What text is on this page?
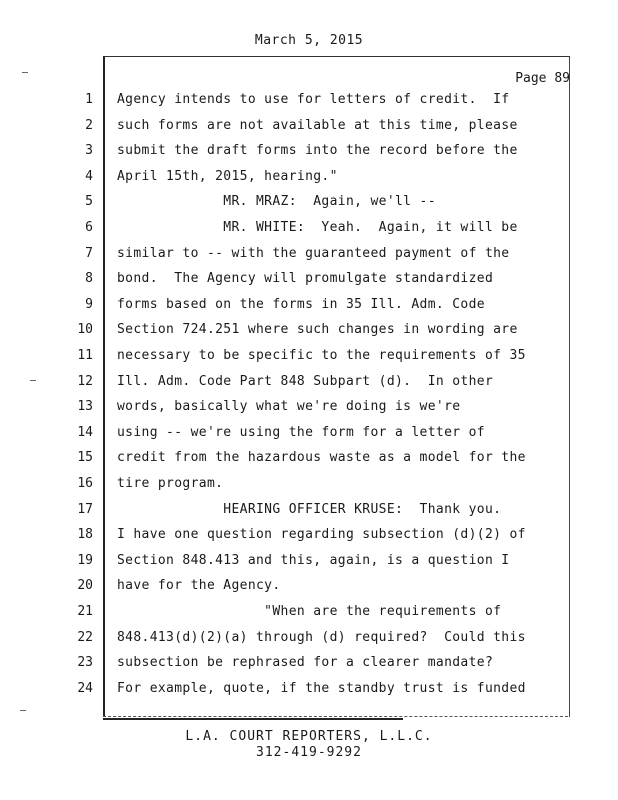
March 5, 2015
Page 89
1 Agency intends to use for letters of credit.  If
2 such forms are not available at this time, please
3 submit the draft forms into the record before the
4 April 15th, 2015, hearing."
5 MR. MRAZ:  Again, we'll --
6 MR. WHITE:  Yeah.  Again, it will be
7 similar to -- with the guaranteed payment of the
8 bond.  The Agency will promulgate standardized
9 forms based on the forms in 35 Ill. Adm. Code
10 Section 724.251 where such changes in wording are
11 necessary to be specific to the requirements of 35
12 Ill. Adm. Code Part 848 Subpart (d).  In other
13 words, basically what we're doing is we're
14 using -- we're using the form for a letter of
15 credit from the hazardous waste as a model for the
16 tire program.
17 HEARING OFFICER KRUSE:  Thank you.
18 I have one question regarding subsection (d)(2) of
19 Section 848.413 and this, again, is a question I
20 have for the Agency.
21 "When are the requirements of
22 848.413(d)(2)(a) through (d) required?  Could this
23 subsection be rephrased for a clearer mandate?
24 For example, quote, if the standby trust is funded
L.A. COURT REPORTERS, L.L.C.
312-419-9292
